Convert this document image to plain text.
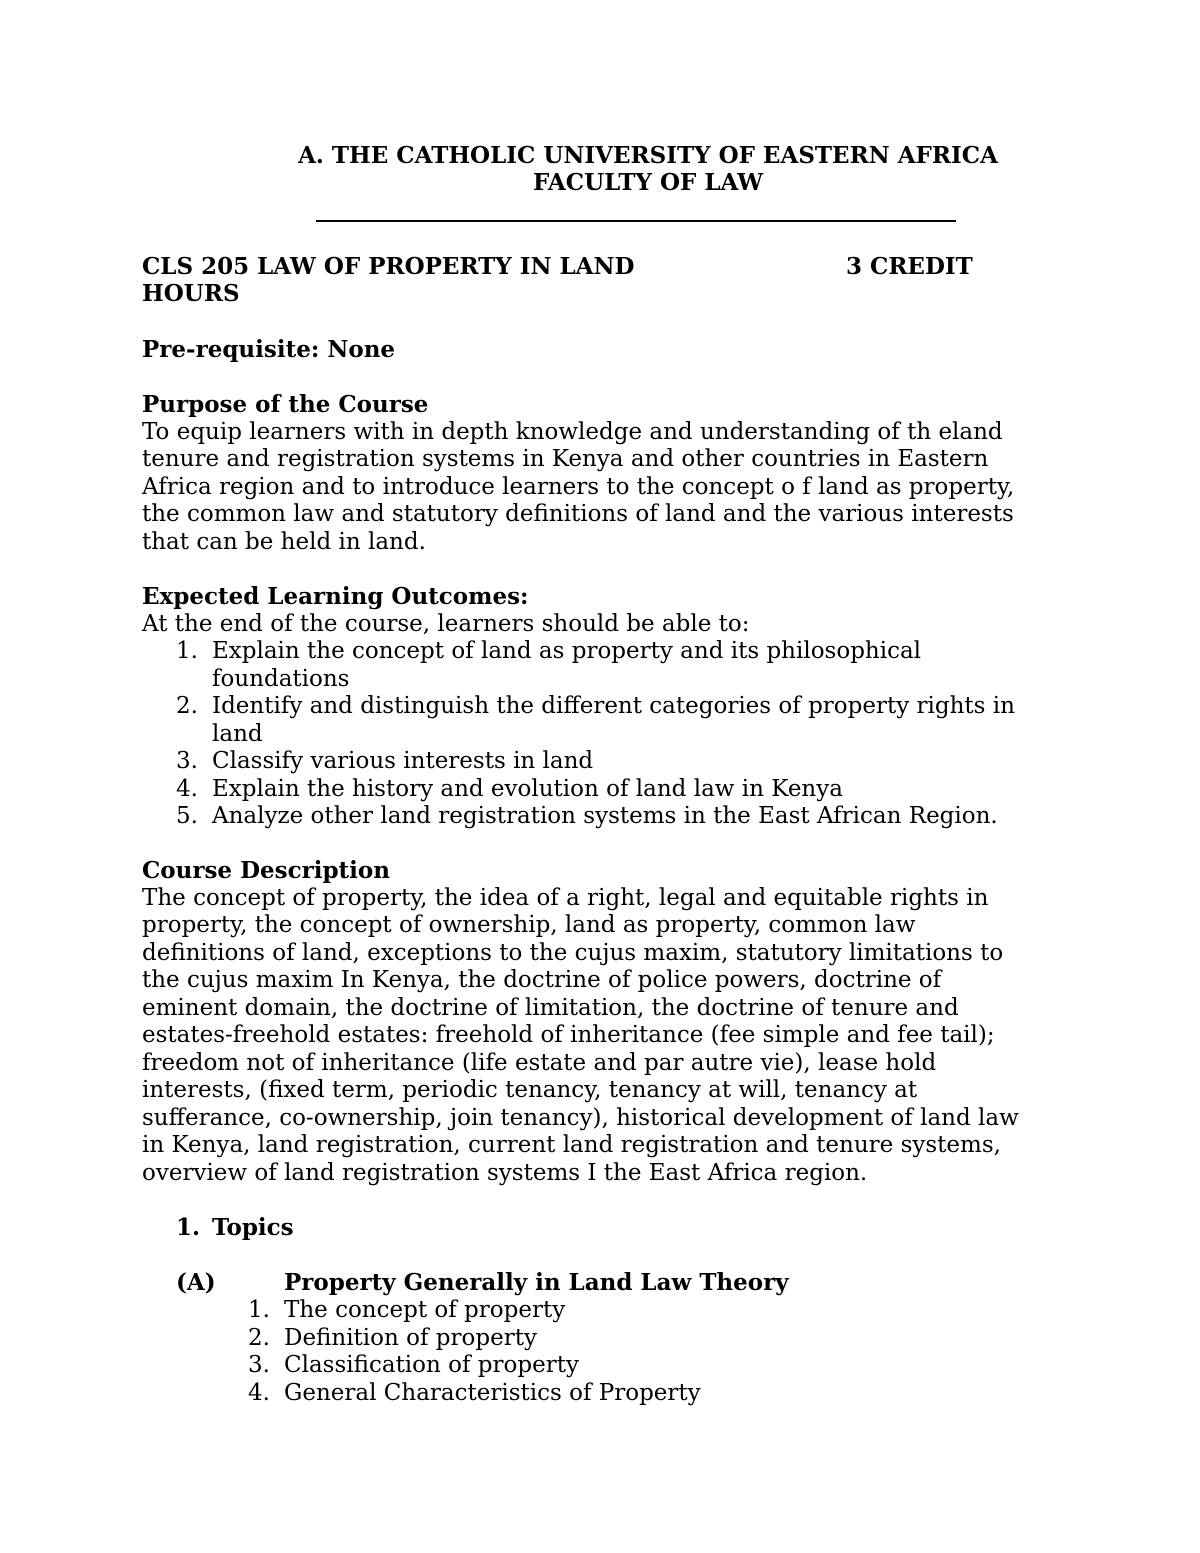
A. THE CATHOLIC UNIVERSITY OF EASTERN AFRICA
FACULTY OF LAW
CLS 205 LAW OF PROPERTY IN LAND	3 CREDIT
HOURS
Pre-requisite: None
Purpose of the Course
To equip learners with in depth knowledge and understanding of th eland
tenure and registration systems in Kenya and other countries in Eastern
Africa region and to introduce learners to the concept o f land as property,
the common law and statutory definitions of land and the various interests
that can be held in land.
Expected Learning Outcomes:
At the end of the course, learners should be able to:
1. Explain the concept of land as property and its philosophical
foundations
2. Identify and distinguish the different categories of property rights in
land
3. Classify various interests in land
4. Explain the history and evolution of land law in Kenya
5. Analyze other land registration systems in the East African Region.
Course Description
The concept of property, the idea of a right, legal and equitable rights in
property, the concept of ownership, land as property, common law
definitions of land, exceptions to the cujus maxim, statutory limitations to
the cujus maxim In Kenya, the doctrine of police powers, doctrine of
eminent domain, the doctrine of limitation, the doctrine of tenure and
estates-freehold estates: freehold of inheritance (fee simple and fee tail);
freedom not of inheritance (life estate and par autre vie), lease hold
interests, (fixed term, periodic tenancy, tenancy at will, tenancy at
sufferance, co-ownership, join tenancy), historical development of land law
in Kenya, land registration, current land registration and tenure systems,
overview of land registration systems I the East Africa region.
1. Topics
(A)	Property Generally in Land Law Theory
1. The concept of property
2. Definition of property
3. Classification of property
4. General Characteristics of Property
